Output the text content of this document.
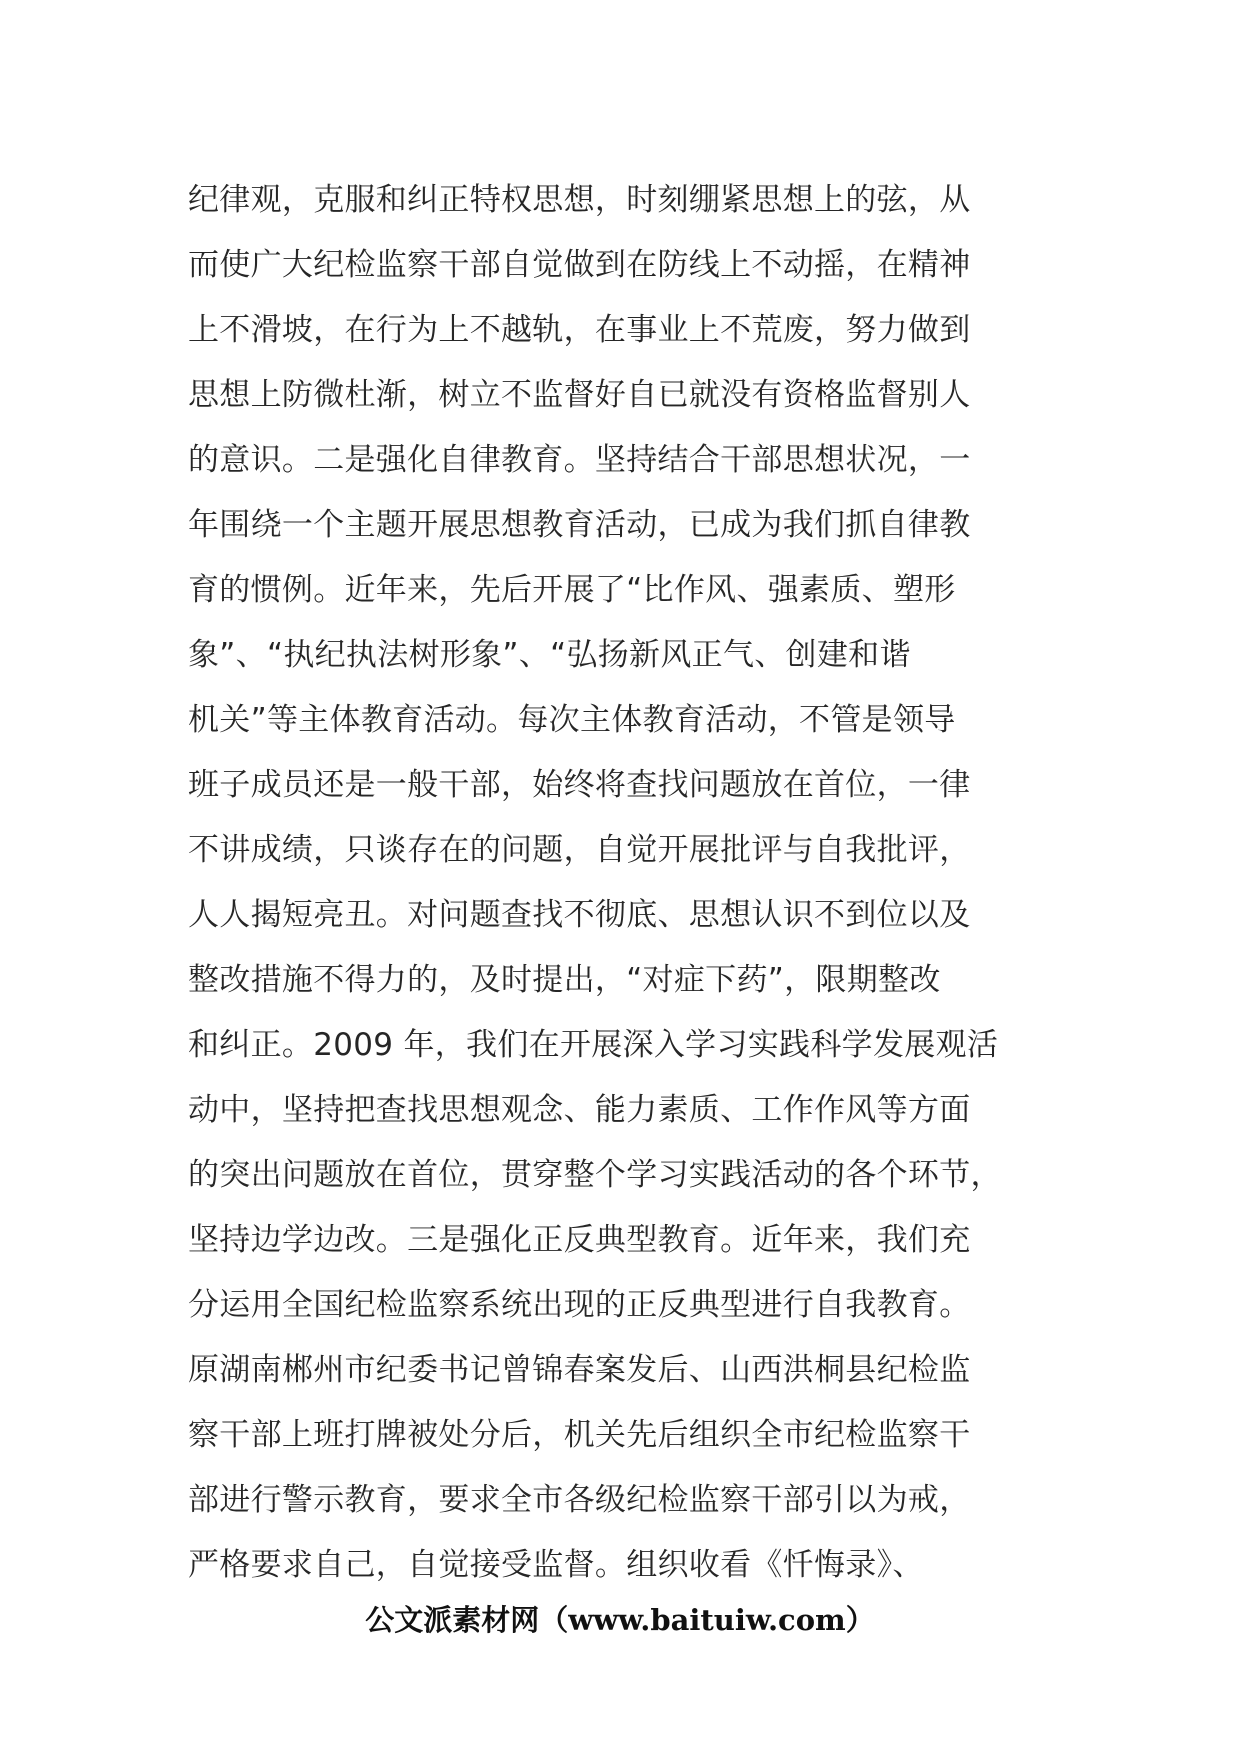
纪律观，克服和纠正特权思想，时刻绷紧思想上的弦，从
而使广大纪检监察干部自觉做到在防线上不动摇，在精神
上不滑坡，在行为上不越轨，在事业上不荒废，努力做到
思想上防微杜渐，树立不监督好自已就没有资格监督别人
的意识。二是强化自律教育。坚持结合干部思想状况，一
年围绕一个主题开展思想教育活动，已成为我们抓自律教
育的惯例。近年来，先后开展了“比作风、强素质、塑形
象”、“执纪执法树形象”、“弘扬新风正气、创建和谐
机关”等主体教育活动。每次主体教育活动，不管是领导
班子成员还是一般干部，始终将查找问题放在首位，一律
不讲成绩，只谈存在的问题，自觉开展批评与自我批评，
人人揭短亮丑。对问题查找不彻底、思想认识不到位以及
整改措施不得力的，及时提出，“对症下药”，限期整改
和纠正。2009 年，我们在开展深入学习实践科学发展观活
动中，坚持把查找思想观念、能力素质、工作作风等方面
的突出问题放在首位，贯穿整个学习实践活动的各个环节，
坚持边学边改。三是强化正反典型教育。近年来，我们充
分运用全国纪检监察系统出现的正反典型进行自我教育。
原湖南郴州市纪委书记曾锦春案发后、山西洪桐县纪检监
察干部上班打牌被处分后，机关先后组织全市纪检监察干
部进行警示教育，要求全市各级纪检监察干部引以为戒，
严格要求自己，自觉接受监督。组织收看《忏悔录》、
公文派素材网（www.baituiw.com）
